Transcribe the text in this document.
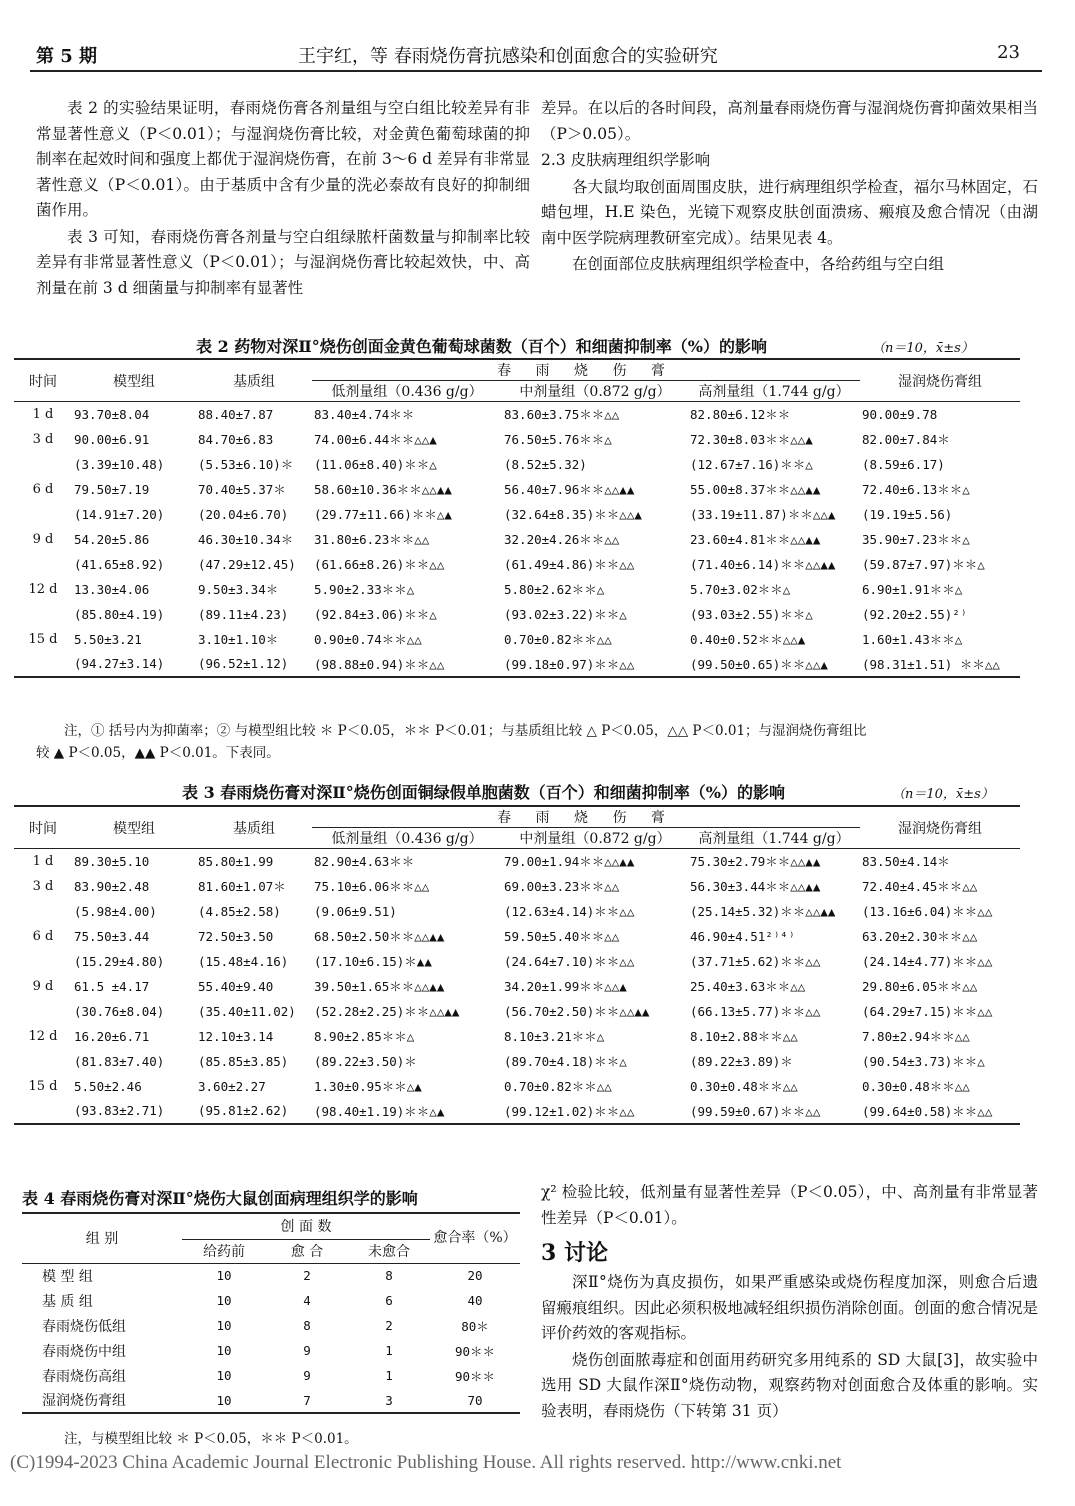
第 5 期	王宇红，等 春雨烧伤膏抗感染和创面愈合的实验研究	23

表 2 的实验结果证明，春雨烧伤膏各剂量组与空白组比较差异有非常显著性意义（P＜0.01）；与湿润烧伤膏比较，对金黄色葡萄球菌的抑制率在起效时间和强度上都优于湿润烧伤膏，在前 3～6 d 差异有非常显著性意义（P＜0.01）。由于基质中含有少量的洗必泰故有良好的抑制细菌作用。

表 3 可知，春雨烧伤膏各剂量与空白组绿脓杆菌数量与抑制率比较差异有非常显著性意义（P＜0.01）；与湿润烧伤膏比较起效快，中、高剂量在前 3 d 细菌量与抑制率有显著性

差异。在以后的各时间段，高剂量春雨烧伤膏与湿润烧伤膏抑菌效果相当（P＞0.05）。

2.3 皮肤病理组织学影响

各大鼠均取创面周围皮肤，进行病理组织学检查，福尔马林固定，石蜡包埋，H.E 染色，光镜下观察皮肤创面溃疡、瘢痕及愈合情况（由湖南中医学院病理教研室完成）。结果见表 4。

在创面部位皮肤病理组织学检查中，各给药组与空白组

表 2 药物对深Ⅱ°烧伤创面金黄色葡萄球菌数（百个）和细菌抑制率（%）的影响	（n＝10，x̄±s）
时间	模型组	基质组	春 雨 烧 伤 膏			湿润烧伤膏组
			低剂量组（0.436 g/g）	中剂量组（0.872 g/g）	高剂量组（1.744 g/g）	
1 d	93.70±8.04	88.40±7.87	83.40±4.74＊＊	83.60±3.75＊＊△△	82.80±6.12＊＊	90.00±9.78
3 d	90.00±6.91	84.70±6.83	74.00±6.44＊＊△△▲	76.50±5.76＊＊△	72.30±8.03＊＊△△▲	82.00±7.84＊
	(3.39±10.48)	(5.53±6.10)＊	(11.06±8.40)＊＊△	(8.52±5.32)	(12.67±7.16)＊＊△	(8.59±6.17)
6 d	79.50±7.19	70.40±5.37＊	58.60±10.36＊＊△△▲▲	56.40±7.96＊＊△△▲▲	55.00±8.37＊＊△△▲▲	72.40±6.13＊＊△
	(14.91±7.20)	(20.04±6.70)	(29.77±11.66)＊＊△▲	(32.64±8.35)＊＊△△▲	(33.19±11.87)＊＊△△▲	(19.19±5.56)
9 d	54.20±5.86	46.30±10.34＊	31.80±6.23＊＊△△	32.20±4.26＊＊△△	23.60±4.81＊＊△△▲▲	35.90±7.23＊＊△
	(41.65±8.92)	(47.29±12.45)	(61.66±8.26)＊＊△△	(61.49±4.86)＊＊△△	(71.40±6.14)＊＊△△▲▲	(59.87±7.97)＊＊△
12 d	13.30±4.06	9.50±3.34＊	5.90±2.33＊＊△	5.80±2.62＊＊△	5.70±3.02＊＊△	6.90±1.91＊＊△
	(85.80±4.19)	(89.11±4.23)	(92.84±3.06)＊＊△	(93.02±3.22)＊＊△	(93.03±2.55)＊＊△	(92.20±2.55)²⁾
15 d	5.50±3.21	3.10±1.10＊	0.90±0.74＊＊△△	0.70±0.82＊＊△△	0.40±0.52＊＊△△▲	1.60±1.43＊＊△
	(94.27±3.14)	(96.52±1.12)	(98.88±0.94)＊＊△△	(99.18±0.97)＊＊△△	(99.50±0.65)＊＊△△▲	(98.31±1.51) ＊＊△△
注，① 括号内为抑菌率；② 与模型组比较 ＊ P＜0.05，＊＊ P＜0.01；与基质组比较 △ P＜0.05，△△ P＜0.01；与湿润烧伤膏组比
较 ▲ P＜0.05，▲▲ P＜0.01。下表同。
表 3 春雨烧伤膏对深Ⅱ°烧伤创面铜绿假单胞菌数（百个）和细菌抑制率（%）的影响	（n＝10，x̄±s）
时间	模型组	基质组	春 雨 烧 伤 膏			湿润烧伤膏组
			低剂量组（0.436 g/g）	中剂量组（0.872 g/g）	高剂量组（1.744 g/g）	
1 d	89.30±5.10	85.80±1.99	82.90±4.63＊＊	79.00±1.94＊＊△△▲▲	75.30±2.79＊＊△△▲▲	83.50±4.14＊
3 d	83.90±2.48	81.60±1.07＊	75.10±6.06＊＊△△	69.00±3.23＊＊△△	56.30±3.44＊＊△△▲▲	72.40±4.45＊＊△△
	(5.98±4.00)	(4.85±2.58)	(9.06±9.51)	(12.63±4.14)＊＊△△	(25.14±5.32)＊＊△△▲▲	(13.16±6.04)＊＊△△
6 d	75.50±3.44	72.50±3.50	68.50±2.50＊＊△△▲▲	59.50±5.40＊＊△△	46.90±4.51²⁾⁴⁾	63.20±2.30＊＊△△
	(15.29±4.80)	(15.48±4.16)	(17.10±6.15)＊▲▲	(24.64±7.10)＊＊△△	(37.71±5.62)＊＊△△	(24.14±4.77)＊＊△△
9 d	61.5 ±4.17	55.40±9.40	39.50±1.65＊＊△△▲▲	34.20±1.99＊＊△△▲	25.40±3.63＊＊△△	29.80±6.05＊＊△△
	(30.76±8.04)	(35.40±11.02)	(52.28±2.25)＊＊△△▲▲	(56.70±2.50)＊＊△△▲▲	(66.13±5.77)＊＊△△	(64.29±7.15)＊＊△△
12 d	16.20±6.71	12.10±3.14	8.90±2.85＊＊△	8.10±3.21＊＊△	8.10±2.88＊＊△△	7.80±2.94＊＊△△
	(81.83±7.40)	(85.85±3.85)	(89.22±3.50)＊	(89.70±4.18)＊＊△	(89.22±3.89)＊	(90.54±3.73)＊＊△
15 d	5.50±2.46	3.60±2.27	1.30±0.95＊＊△▲	0.70±0.82＊＊△△	0.30±0.48＊＊△△	0.30±0.48＊＊△△
	(93.83±2.71)	(95.81±2.62)	(98.40±1.19)＊＊△▲	(99.12±1.02)＊＊△△	(99.59±0.67)＊＊△△	(99.64±0.58)＊＊△△
表 4 春雨烧伤膏对深Ⅱ°烧伤大鼠创面病理组织学的影响
组 别	创 面 数			愈合率（%）
	给药前	愈 合	未愈合	
模 型 组	10	2	8	20
基 质 组	10	4	6	40
春雨烧伤低组	10	8	2	80＊
春雨烧伤中组	10	9	1	90＊＊
春雨烧伤高组	10	9	1	90＊＊
湿润烧伤膏组	10	7	3	70
注，与模型组比较 ＊ P＜0.05，＊＊ P＜0.01。

χ² 检验比较，低剂量有显著性差异（P＜0.05），中、高剂量有非常显著性差异（P＜0.01）。

3 讨论

深Ⅱ°烧伤为真皮损伤，如果严重感染或烧伤程度加深，则愈合后遗留瘢痕组织。因此必须积极地减轻组织损伤消除创面。创面的愈合情况是评价药效的客观指标。

烧伤创面脓毒症和创面用药研究多用纯系的 SD 大鼠[3]，故实验中选用 SD 大鼠作深Ⅱ°烧伤动物，观察药物对创面愈合及体重的影响。实验表明，春雨烧伤（下转第 31 页）

(C)1994-2023 China Academic Journal Electronic Publishing House. All rights reserved. http://www.cnki.net
